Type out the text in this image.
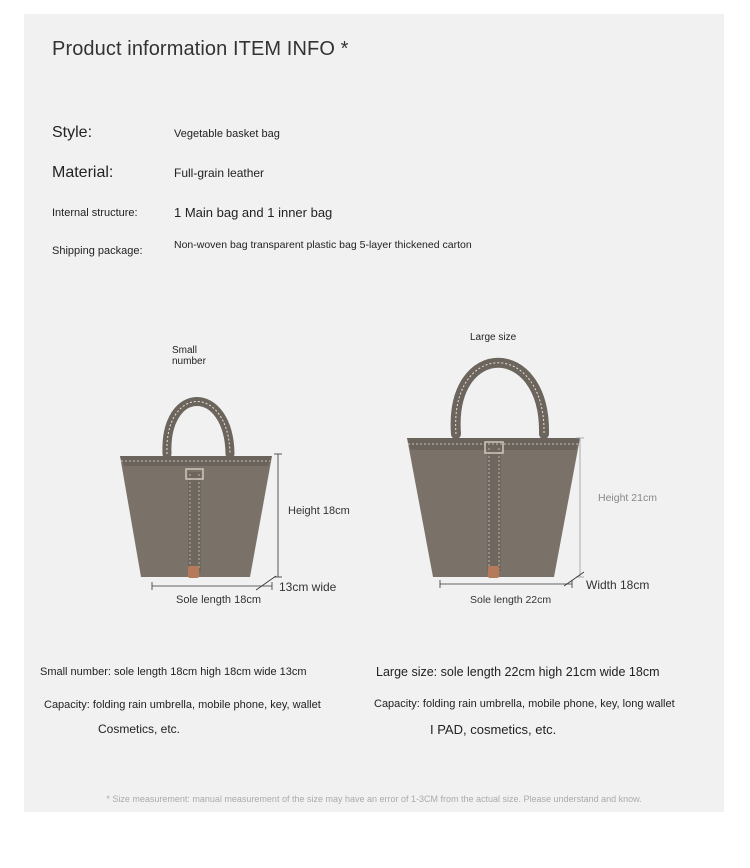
Product information ITEM INFO *
Style:	Vegetable basket bag
Material:	Full-grain leather
Internal structure:	1 Main bag and 1 inner bag
Shipping package:	Non-woven bag transparent plastic bag 5-layer thickened carton
Small number
Large size
Height 18cm
13cm wide
Sole length 18cm
Height 21cm
Width 18cm
Sole length 22cm
Small number: sole length 18cm high 18cm wide 13cm
Capacity: folding rain umbrella, mobile phone, key, wallet
Cosmetics, etc.
Large size: sole length 22cm high 21cm wide 18cm
Capacity: folding rain umbrella, mobile phone, key, long wallet
I PAD, cosmetics, etc.
* Size measurement: manual measurement of the size may have an error of 1-3CM from the actual size. Please understand and know.
